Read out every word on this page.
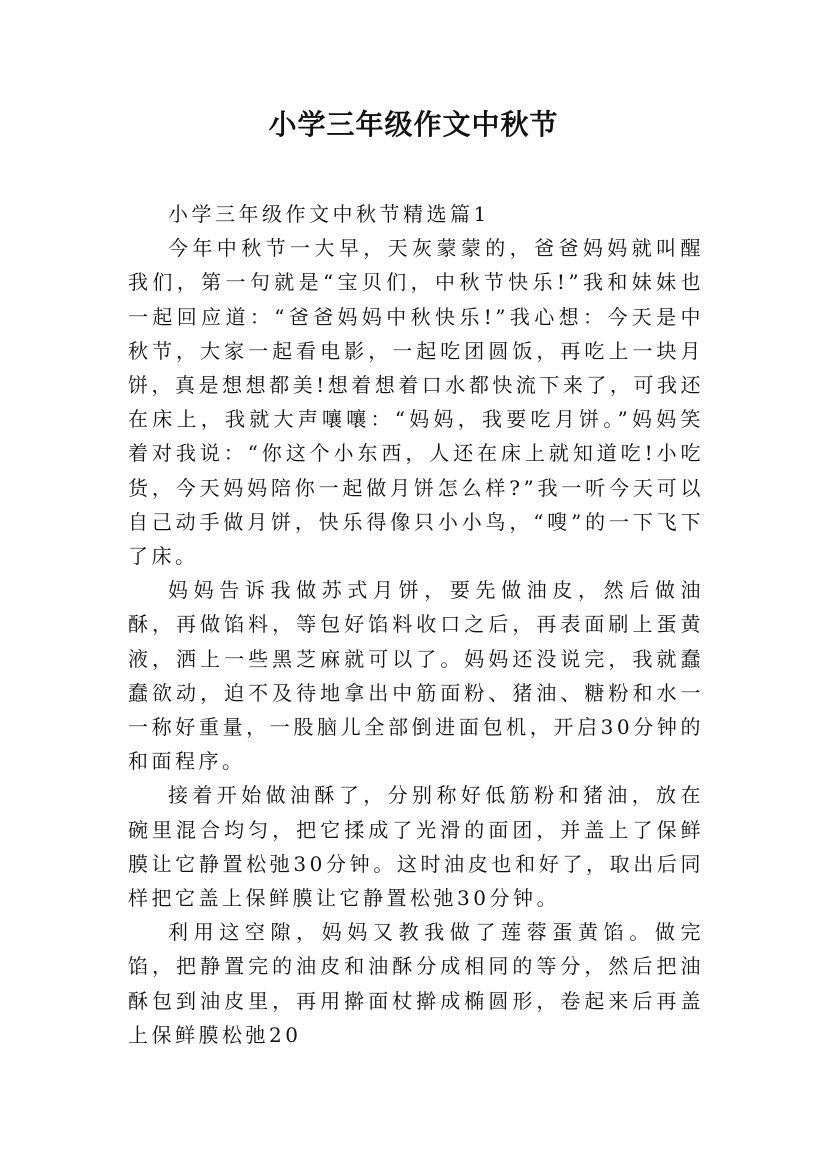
小学三年级作文中秋节

小学三年级作文中秋节精选篇1

今年中秋节一大早，天灰蒙蒙的，爸爸妈妈就叫醒我们，第一句就是“宝贝们，中秋节快乐!”我和妹妹也一起回应道：“爸爸妈妈中秋快乐!”我心想：今天是中秋节，大家一起看电影，一起吃团圆饭，再吃上一块月饼，真是想想都美!想着想着口水都快流下来了，可我还在床上，我就大声嚷嚷：“妈妈，我要吃月饼。”妈妈笑着对我说：“你这个小东西，人还在床上就知道吃!小吃货，今天妈妈陪你一起做月饼怎么样?”我一听今天可以自己动手做月饼，快乐得像只小小鸟，“嗖”的一下飞下了床。

妈妈告诉我做苏式月饼，要先做油皮，然后做油酥，再做馅料，等包好馅料收口之后，再表面刷上蛋黄液，洒上一些黑芝麻就可以了。妈妈还没说完，我就蠢蠢欲动，迫不及待地拿出中筋面粉、猪油、糖粉和水一一称好重量，一股脑儿全部倒进面包机，开启30分钟的和面程序。

接着开始做油酥了，分别称好低筋粉和猪油，放在碗里混合均匀，把它揉成了光滑的面团，并盖上了保鲜膜让它静置松弛30分钟。这时油皮也和好了，取出后同样把它盖上保鲜膜让它静置松弛30分钟。

利用这空隙，妈妈又教我做了莲蓉蛋黄馅。做完馅，把静置完的油皮和油酥分成相同的等分，然后把油酥包到油皮里，再用擀面杖擀成椭圆形，卷起来后再盖上保鲜膜松弛20
